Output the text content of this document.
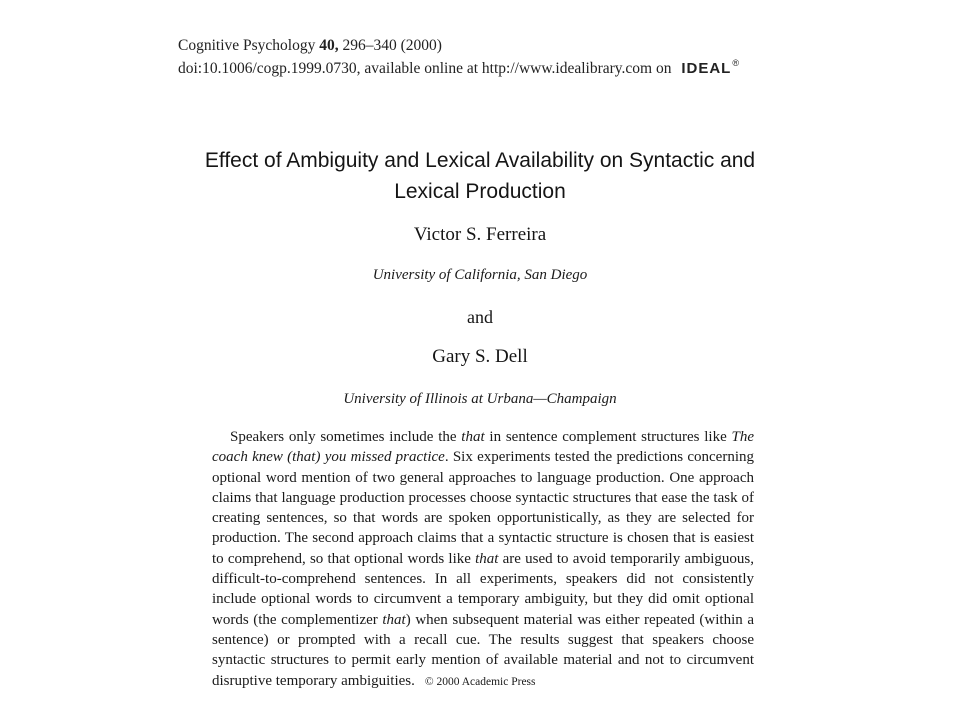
Cognitive Psychology 40, 296–340 (2000)
doi:10.1006/cogp.1999.0730, available online at http://www.idealibrary.com on IDEAL®
Effect of Ambiguity and Lexical Availability on Syntactic and
Lexical Production
Victor S. Ferreira
University of California, San Diego
and
Gary S. Dell
University of Illinois at Urbana—Champaign
Speakers only sometimes include the that in sentence complement structures like The coach knew (that) you missed practice. Six experiments tested the predictions concerning optional word mention of two general approaches to language production. One approach claims that language production processes choose syntactic structures that ease the task of creating sentences, so that words are spoken opportunistically, as they are selected for production. The second approach claims that a syntactic structure is chosen that is easiest to comprehend, so that optional words like that are used to avoid temporarily ambiguous, difficult-to-comprehend sentences. In all experiments, speakers did not consistently include optional words to circumvent a temporary ambiguity, but they did omit optional words (the complementizer that) when subsequent material was either repeated (within a sentence) or prompted with a recall cue. The results suggest that speakers choose syntactic structures to permit early mention of available material and not to circumvent disruptive temporary ambiguities. © 2000 Academic Press
